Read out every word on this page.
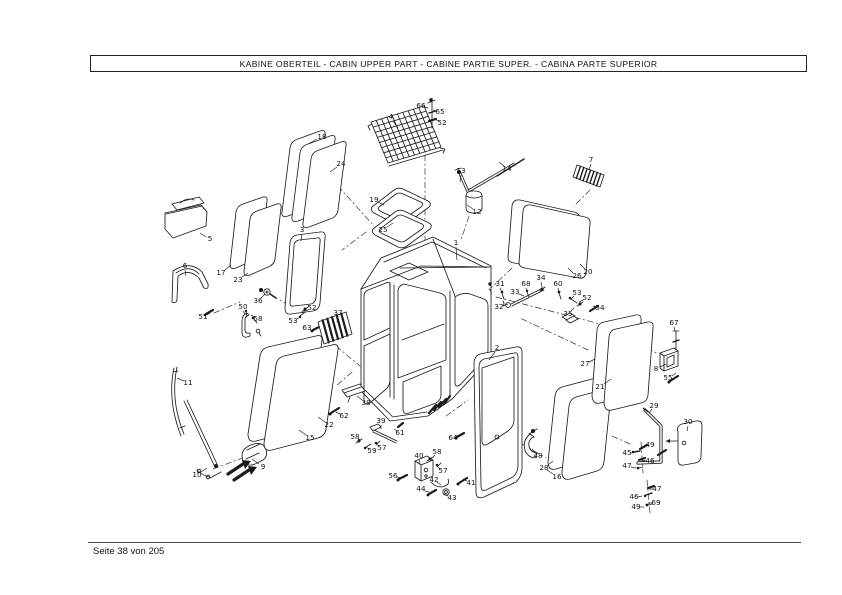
KABINE OBERTEIL - CABIN UPPER PART - CABINE PARTIE SUPER. - CABINA PARTE SUPERIOR
1
2
3
4
5
6
7
8
9
10
11
12
13	14
15
16
17
18
19
20
21
22
23
24
25
26
27
28
29
30
31
32
33
34
35
36
37
38
39
40
41
42
43
44
45
46
47
48
49
50
51
52
52
52
53
53
54
55
56
57
57
58
58
58
59
60
61
62
63
64
65
66
67
68
69
46
47
49
Seite 38 von 205
